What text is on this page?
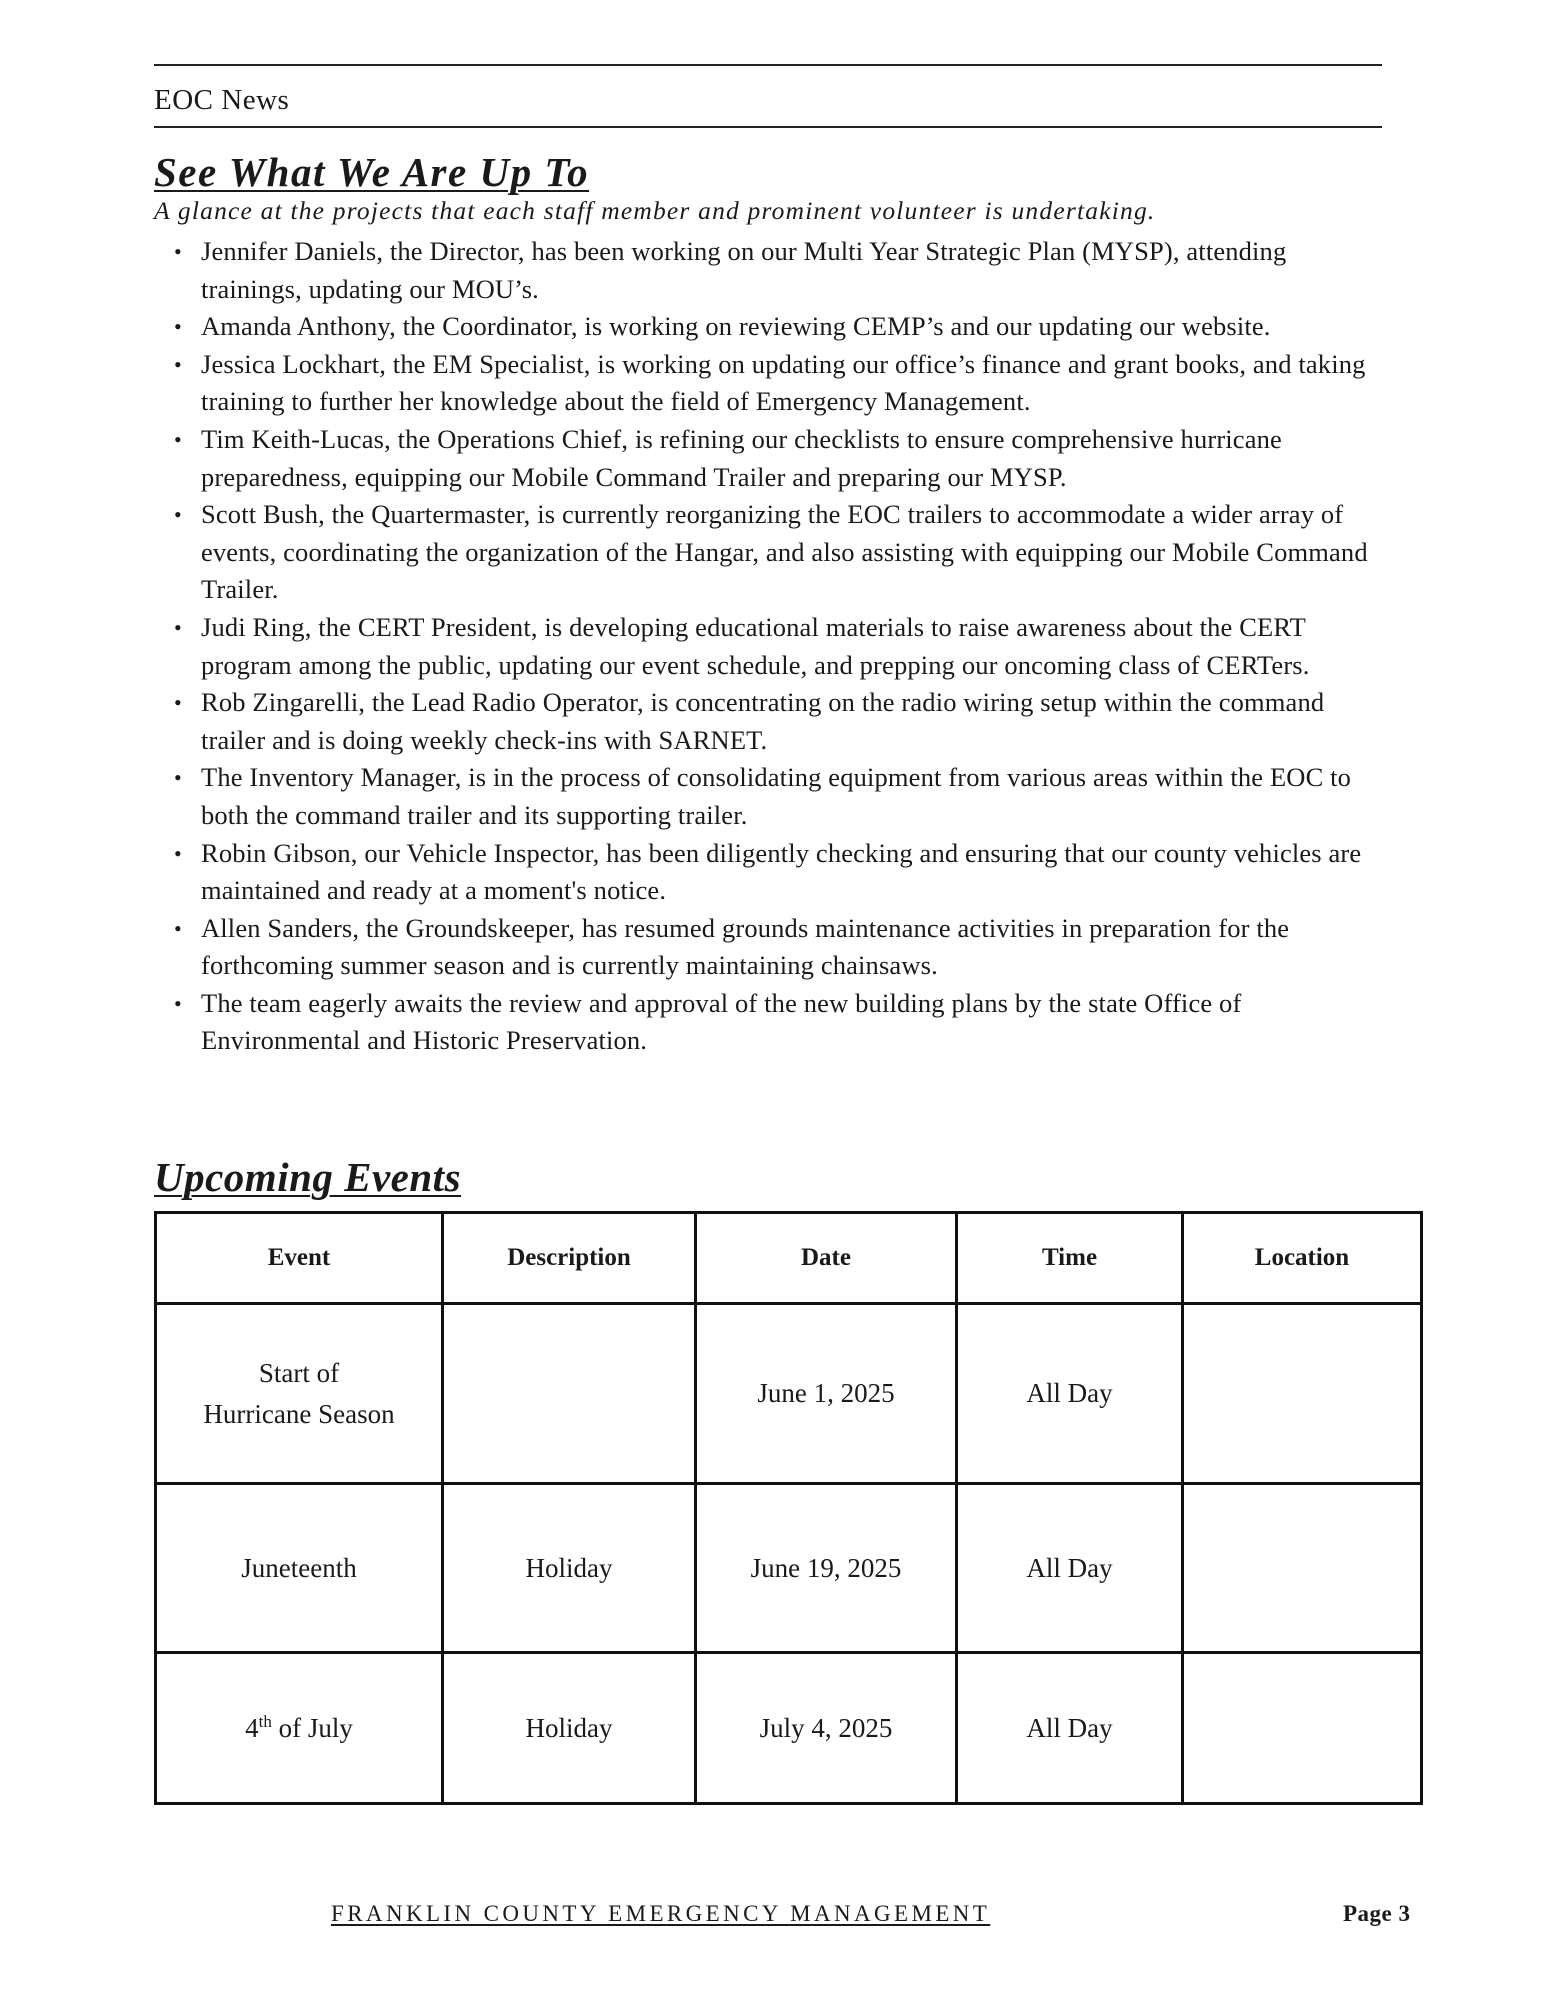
EOC News
See What We Are Up To
A glance at the projects that each staff member and prominent volunteer is undertaking.
• Jennifer Daniels, the Director, has been working on our Multi Year Strategic Plan (MYSP), attending trainings, updating our MOU’s.
• Amanda Anthony, the Coordinator, is working on reviewing CEMP’s and our updating our website.
• Jessica Lockhart, the EM Specialist, is working on updating our office’s finance and grant books, and taking training to further her knowledge about the field of Emergency Management.
• Tim Keith-Lucas, the Operations Chief, is refining our checklists to ensure comprehensive hurricane preparedness, equipping our Mobile Command Trailer and preparing our MYSP.
• Scott Bush, the Quartermaster, is currently reorganizing the EOC trailers to accommodate a wider array of events, coordinating the organization of the Hangar, and also assisting with equipping our Mobile Command Trailer.
• Judi Ring, the CERT President, is developing educational materials to raise awareness about the CERT program among the public, updating our event schedule, and prepping our oncoming class of CERTers.
• Rob Zingarelli, the Lead Radio Operator, is concentrating on the radio wiring setup within the command trailer and is doing weekly check-ins with SARNET.
• The Inventory Manager, is in the process of consolidating equipment from various areas within the EOC to both the command trailer and its supporting trailer.
• Robin Gibson, our Vehicle Inspector, has been diligently checking and ensuring that our county vehicles are maintained and ready at a moment's notice.
• Allen Sanders, the Groundskeeper, has resumed grounds maintenance activities in preparation for the forthcoming summer season and is currently maintaining chainsaws.
• The team eagerly awaits the review and approval of the new building plans by the state Office of Environmental and Historic Preservation.
Upcoming Events
Event	Description	Date	Time	Location
Start of
Hurricane Season		June 1, 2025	All Day	
Juneteenth	Holiday	June 19, 2025	All Day	
4th of July	Holiday	July 4, 2025	All Day	
FRANKLIN COUNTY EMERGENCY MANAGEMENT	Page 3
